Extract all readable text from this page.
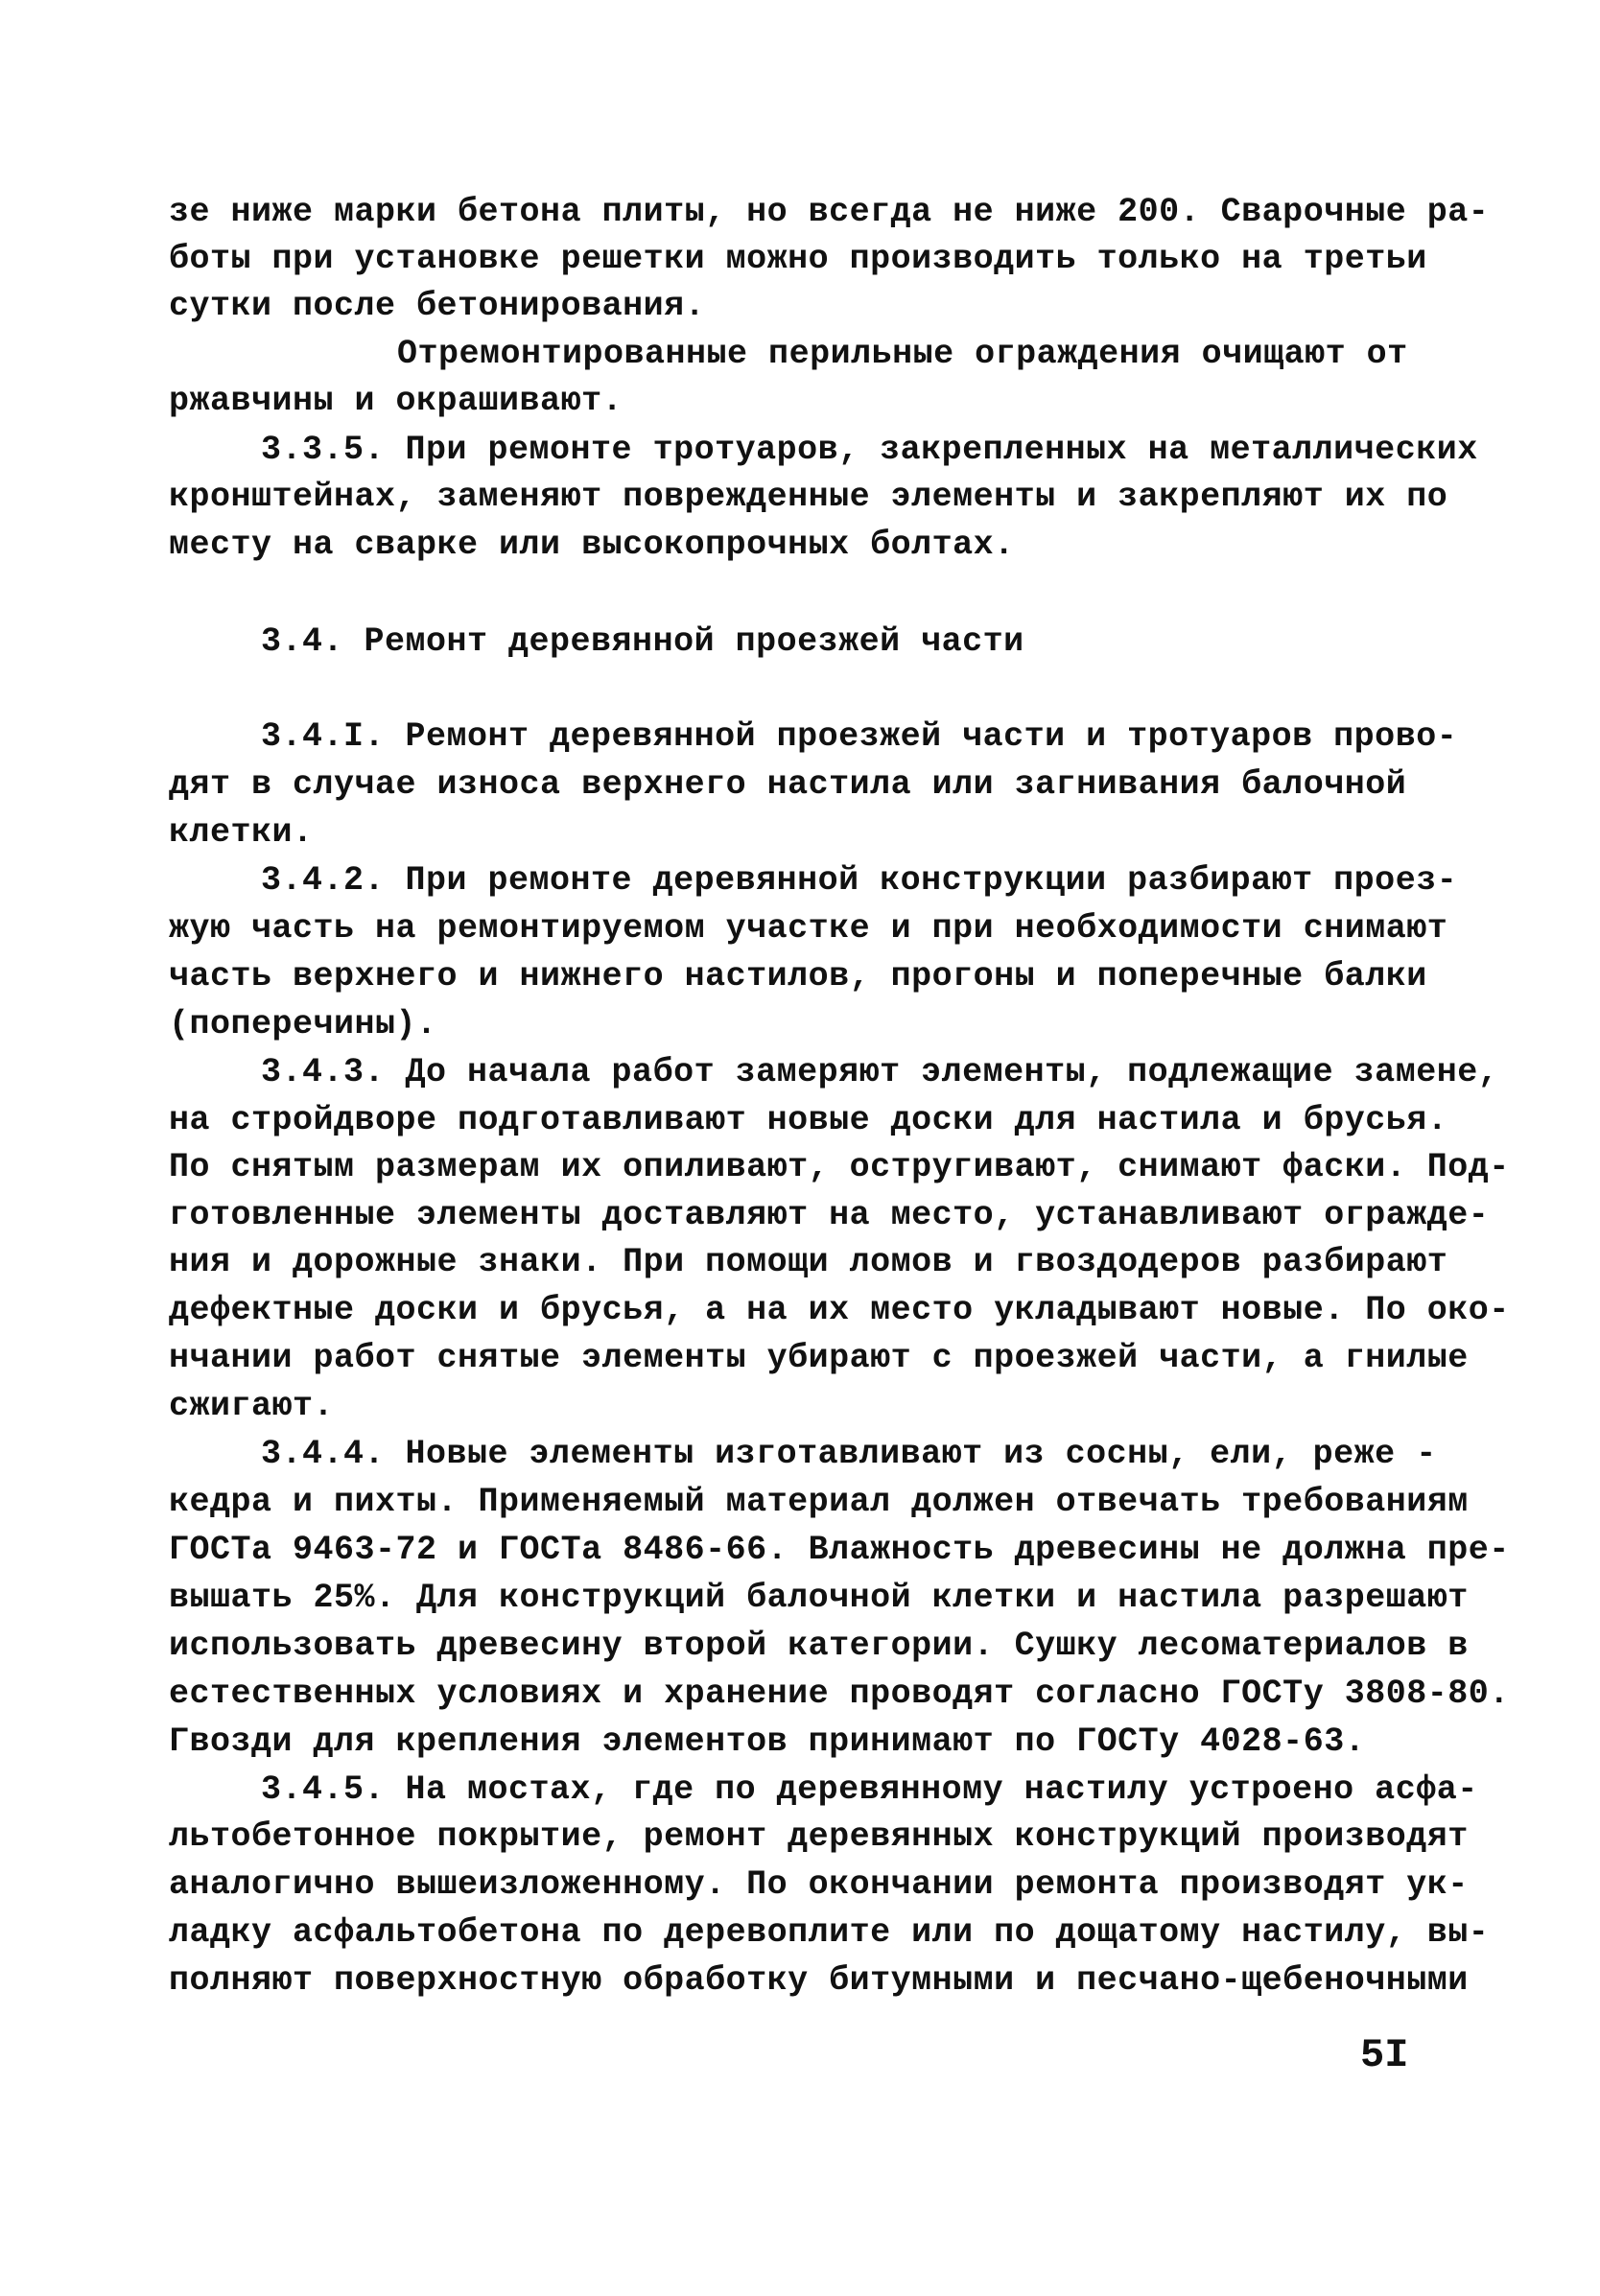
зе ниже марки бетона плиты, но всегда не ниже 200. Сварочные ра-
боты при установке решетки можно производить только на третьи
сутки после бетонирования.
Отремонтированные перильные ограждения очищают от
ржавчины и окрашивают.
3.3.5. При ремонте тротуаров, закрепленных на металлических
кронштейнах, заменяют поврежденные элементы и закрепляют их по
месту на сварке или высокопрочных болтах.
3.4. Ремонт деревянной проезжей части
3.4.I. Ремонт деревянной проезжей части и тротуаров прово-
дят в случае износа верхнего настила или загнивания балочной
клетки.
3.4.2. При ремонте деревянной конструкции разбирают проез-
жую часть на ремонтируемом участке и при необходимости снимают
часть верхнего и нижнего настилов, прогоны и поперечные балки
(поперечины).
3.4.3. До начала работ замеряют элементы, подлежащие замене,
на стройдворе подготавливают новые доски для настила и брусья.
По снятым размерам их опиливают, остругивают, снимают фаски. Под-
готовленные элементы доставляют на место, устанавливают огражде-
ния и дорожные знаки. При помощи ломов и гвоздодеров разбирают
дефектные доски и брусья, а на их место укладывают новые. По око-
нчании работ снятые элементы убирают с проезжей части, а гнилые
сжигают.
3.4.4. Новые элементы изготавливают из сосны, ели, реже -
кедра и пихты. Применяемый материал должен отвечать требованиям
ГОСТа 9463-72 и ГОСТа 8486-66. Влажность древесины не должна пре-
вышать 25%. Для конструкций балочной клетки и настила разрешают
использовать древесину второй категории. Сушку лесоматериалов в
естественных условиях и хранение проводят согласно ГОСТу 3808-80.
Гвозди для крепления элементов принимают по ГОСТу 4028-63.
3.4.5. На мостах, где по деревянному настилу устроено асфа-
льтобетонное покрытие, ремонт деревянных конструкций производят
аналогично вышеизложенному. По окончании ремонта производят ук-
ладку асфальтобетона по деревоплите или по дощатому настилу, вы-
полняют поверхностную обработку битумными и песчано-щебеночными
5I
